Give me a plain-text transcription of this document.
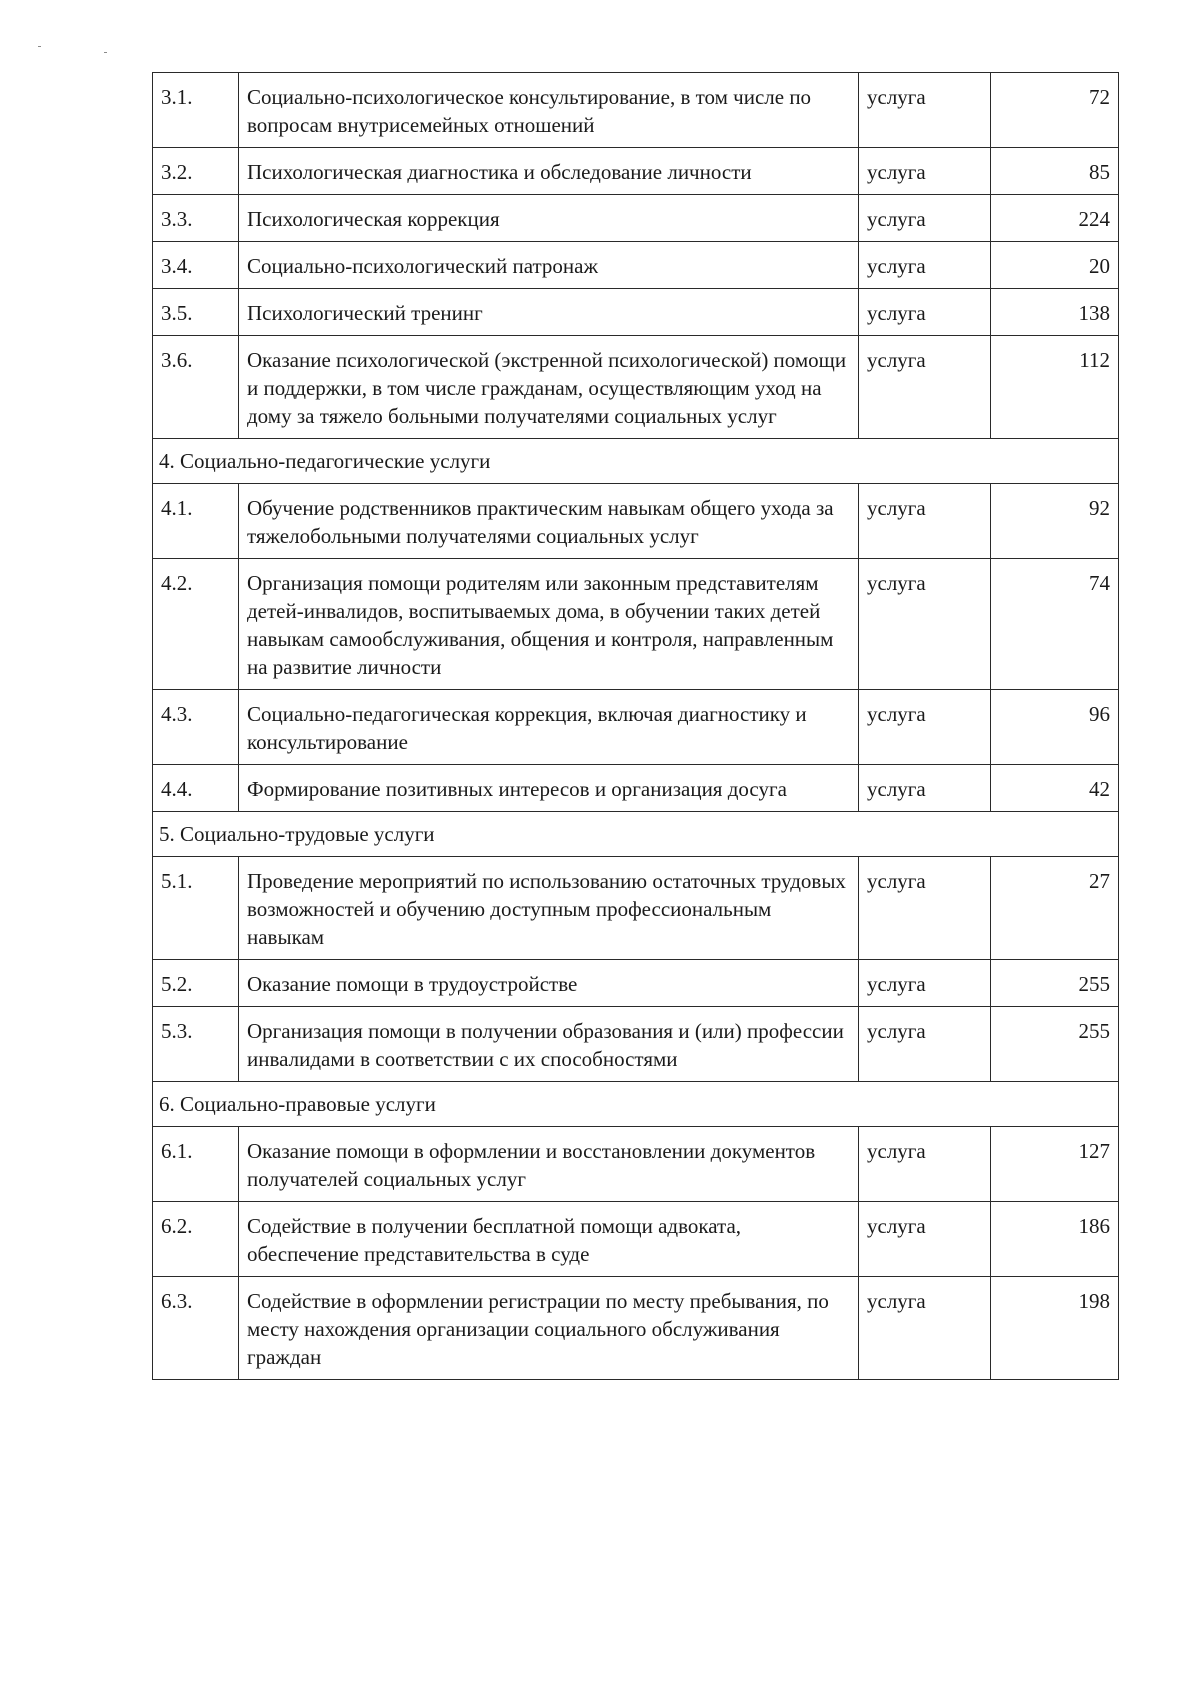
3.1.	Социально-психологическое консультирование, в том числе по вопросам внутрисемейных отношений	услуга	72
3.2.	Психологическая диагностика и обследование личности	услуга	85
3.3.	Психологическая коррекция	услуга	224
3.4.	Социально-психологический патронаж	услуга	20
3.5.	Психологический тренинг	услуга	138
3.6.	Оказание психологической (экстренной психологической) помощи и поддержки, в том числе гражданам, осуществляющим уход на дому за тяжело больными получателями социальных услуг	услуга	112
4. Социально-педагогические услуги			
4.1.	Обучение родственников практическим навыкам общего ухода за тяжелобольными получателями социальных услуг	услуга	92
4.2.	Организация помощи родителям или законным представителям детей-инвалидов, воспитываемых дома, в обучении таких детей навыкам самообслуживания, общения и контроля, направленным на развитие личности	услуга	74
4.3.	Социально-педагогическая коррекция, включая диагностику и консультирование	услуга	96
4.4.	Формирование позитивных интересов и организация досуга	услуга	42
5. Социально-трудовые услуги			
5.1.	Проведение мероприятий по использованию остаточных трудовых возможностей и обучению доступным профессиональным навыкам	услуга	27
5.2.	Оказание помощи в трудоустройстве	услуга	255
5.3.	Организация помощи в получении образования и (или) профессии инвалидами в соответствии с их способностями	услуга	255
6. Социально-правовые услуги			
6.1.	Оказание помощи в оформлении и восстановлении документов получателей социальных услуг	услуга	127
6.2.	Содействие в получении бесплатной помощи адвоката, обеспечение представительства в суде	услуга	186
6.3.	Содействие в оформлении регистрации по месту пребывания, по месту нахождения организации социального обслуживания граждан	услуга	198
